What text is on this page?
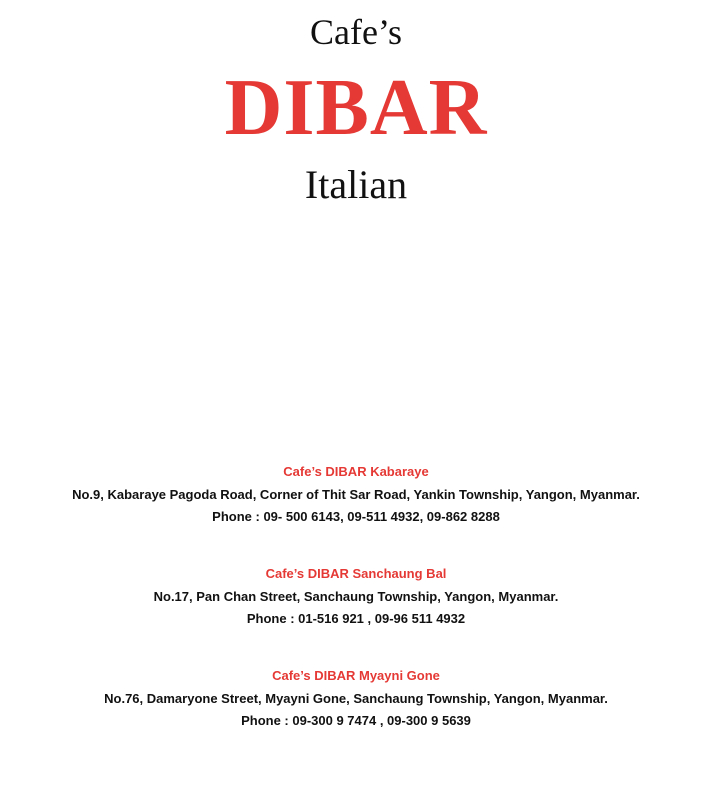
Cafe’s
DIBAR
Italian
Cafe’s DIBAR Kabaraye
No.9, Kabaraye Pagoda Road, Corner of Thit Sar Road, Yankin Township, Yangon, Myanmar.
Phone : 09- 500 6143, 09-511 4932, 09-862 8288
Cafe’s DIBAR Sanchaung Bal
No.17, Pan Chan Street, Sanchaung Township, Yangon, Myanmar.
Phone : 01-516 921 , 09-96 511 4932
Cafe’s DIBAR Myayni Gone
No.76, Damaryone Street, Myayni Gone, Sanchaung Township, Yangon, Myanmar.
Phone : 09-300 9 7474 , 09-300 9 5639
